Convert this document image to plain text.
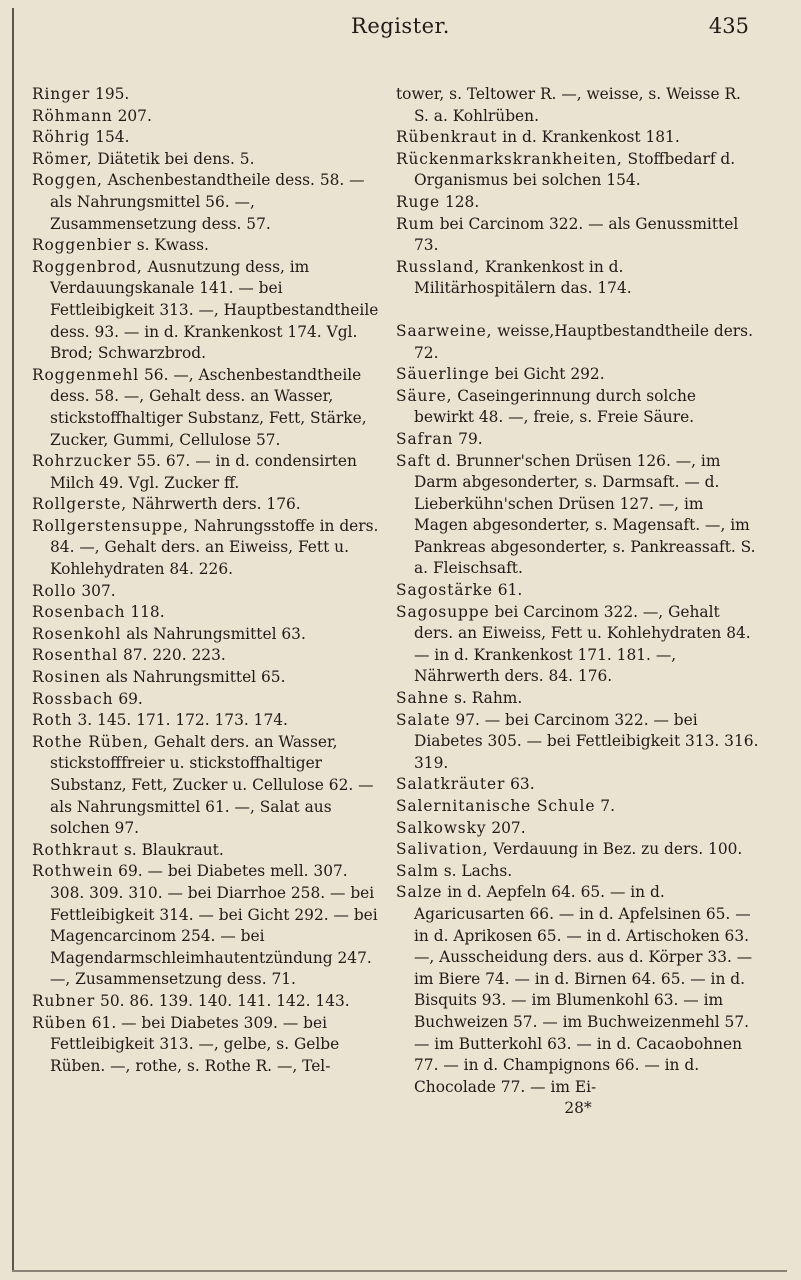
Register.	435

Ringer 195.

Röhmann 207.

Röhrig 154.

Römer, Diätetik bei dens. 5.

Roggen, Aschenbestandtheile dess. 58. — als Nahrungsmittel 56. —, Zusammensetzung dess. 57.

Roggenbier s. Kwass.

Roggenbrod, Ausnutzung dess, im Verdauungskanale 141. — bei Fettleibigkeit 313. —, Hauptbestandtheile dess. 93. — in d. Krankenkost 174. Vgl. Brod; Schwarzbrod.

Roggenmehl 56. —, Aschenbestandtheile dess. 58. —, Gehalt dess. an Wasser, stickstoffhaltiger Substanz, Fett, Stärke, Zucker, Gummi, Cellulose 57.

Rohrzucker 55. 67. — in d. condensirten Milch 49. Vgl. Zucker ff.

Rollgerste, Nährwerth ders. 176.

Rollgerstensuppe, Nahrungsstoffe in ders. 84. —, Gehalt ders. an Eiweiss, Fett u. Kohlehydraten 84. 226.

Rollo 307.

Rosenbach 118.

Rosenkohl als Nahrungsmittel 63.

Rosenthal 87. 220. 223.

Rosinen als Nahrungsmittel 65.

Rossbach 69.

Roth 3. 145. 171. 172. 173. 174.

Rothe Rüben, Gehalt ders. an Wasser, stickstofffreier u. stickstoffhaltiger Substanz, Fett, Zucker u. Cellulose 62. — als Nahrungsmittel 61. —, Salat aus solchen 97.

Rothkraut s. Blaukraut.

Rothwein 69. — bei Diabetes mell. 307. 308. 309. 310. — bei Diarrhoe 258. — bei Fettleibigkeit 314. — bei Gicht 292. — bei Magencarcinom 254. — bei Magendarmschleimhautentzündung 247. —, Zusammensetzung dess. 71.

Rubner 50. 86. 139. 140. 141. 142. 143.

Rüben 61. — bei Diabetes 309. — bei Fettleibigkeit 313. —, gelbe, s. Gelbe Rüben. —, rothe, s. Rothe R. —, Tel-

tower, s. Teltower R. —, weisse, s. Weisse R. S. a. Kohlrüben.

Rübenkraut in d. Krankenkost 181.

Rückenmarkskrankheiten, Stoffbedarf d. Organismus bei solchen 154.

Ruge 128.

Rum bei Carcinom 322. — als Genussmittel 73.

Russland, Krankenkost in d. Militärhospitälern das. 174.

Saarweine, weisse,Hauptbestandtheile ders. 72.

Säuerlinge bei Gicht 292.

Säure, Caseingerinnung durch solche bewirkt 48. —, freie, s. Freie Säure.

Safran 79.

Saft d. Brunner'schen Drüsen 126. —, im Darm abgesonderter, s. Darmsaft. — d. Lieberkühn'schen Drüsen 127. —, im Magen abgesonderter, s. Magensaft. —, im Pankreas abgesonderter, s. Pankreassaft. S. a. Fleischsaft.

Sagostärke 61.

Sagosuppe bei Carcinom 322. —, Gehalt ders. an Eiweiss, Fett u. Kohlehydraten 84. — in d. Krankenkost 171. 181. —, Nährwerth ders. 84. 176.

Sahne s. Rahm.

Salate 97. — bei Carcinom 322. — bei Diabetes 305. — bei Fettleibigkeit 313. 316. 319.

Salatkräuter 63.

Salernitanische Schule 7.

Salkowsky 207.

Salivation, Verdauung in Bez. zu ders. 100.

Salm s. Lachs.

Salze in d. Aepfeln 64. 65. — in d. Agaricusarten 66. — in d. Apfelsinen 65. — in d. Aprikosen 65. — in d. Artischoken 63. —, Ausscheidung ders. aus d. Körper 33. — im Biere 74. — in d. Birnen 64. 65. — in d. Bisquits 93. — im Blumenkohl 63. — im Buchweizen 57. — im Buchweizenmehl 57. — im Butterkohl 63. — in d. Cacaobohnen 77. — in d. Champignons 66. — in d. Chocolade 77. — im Ei-

28*
